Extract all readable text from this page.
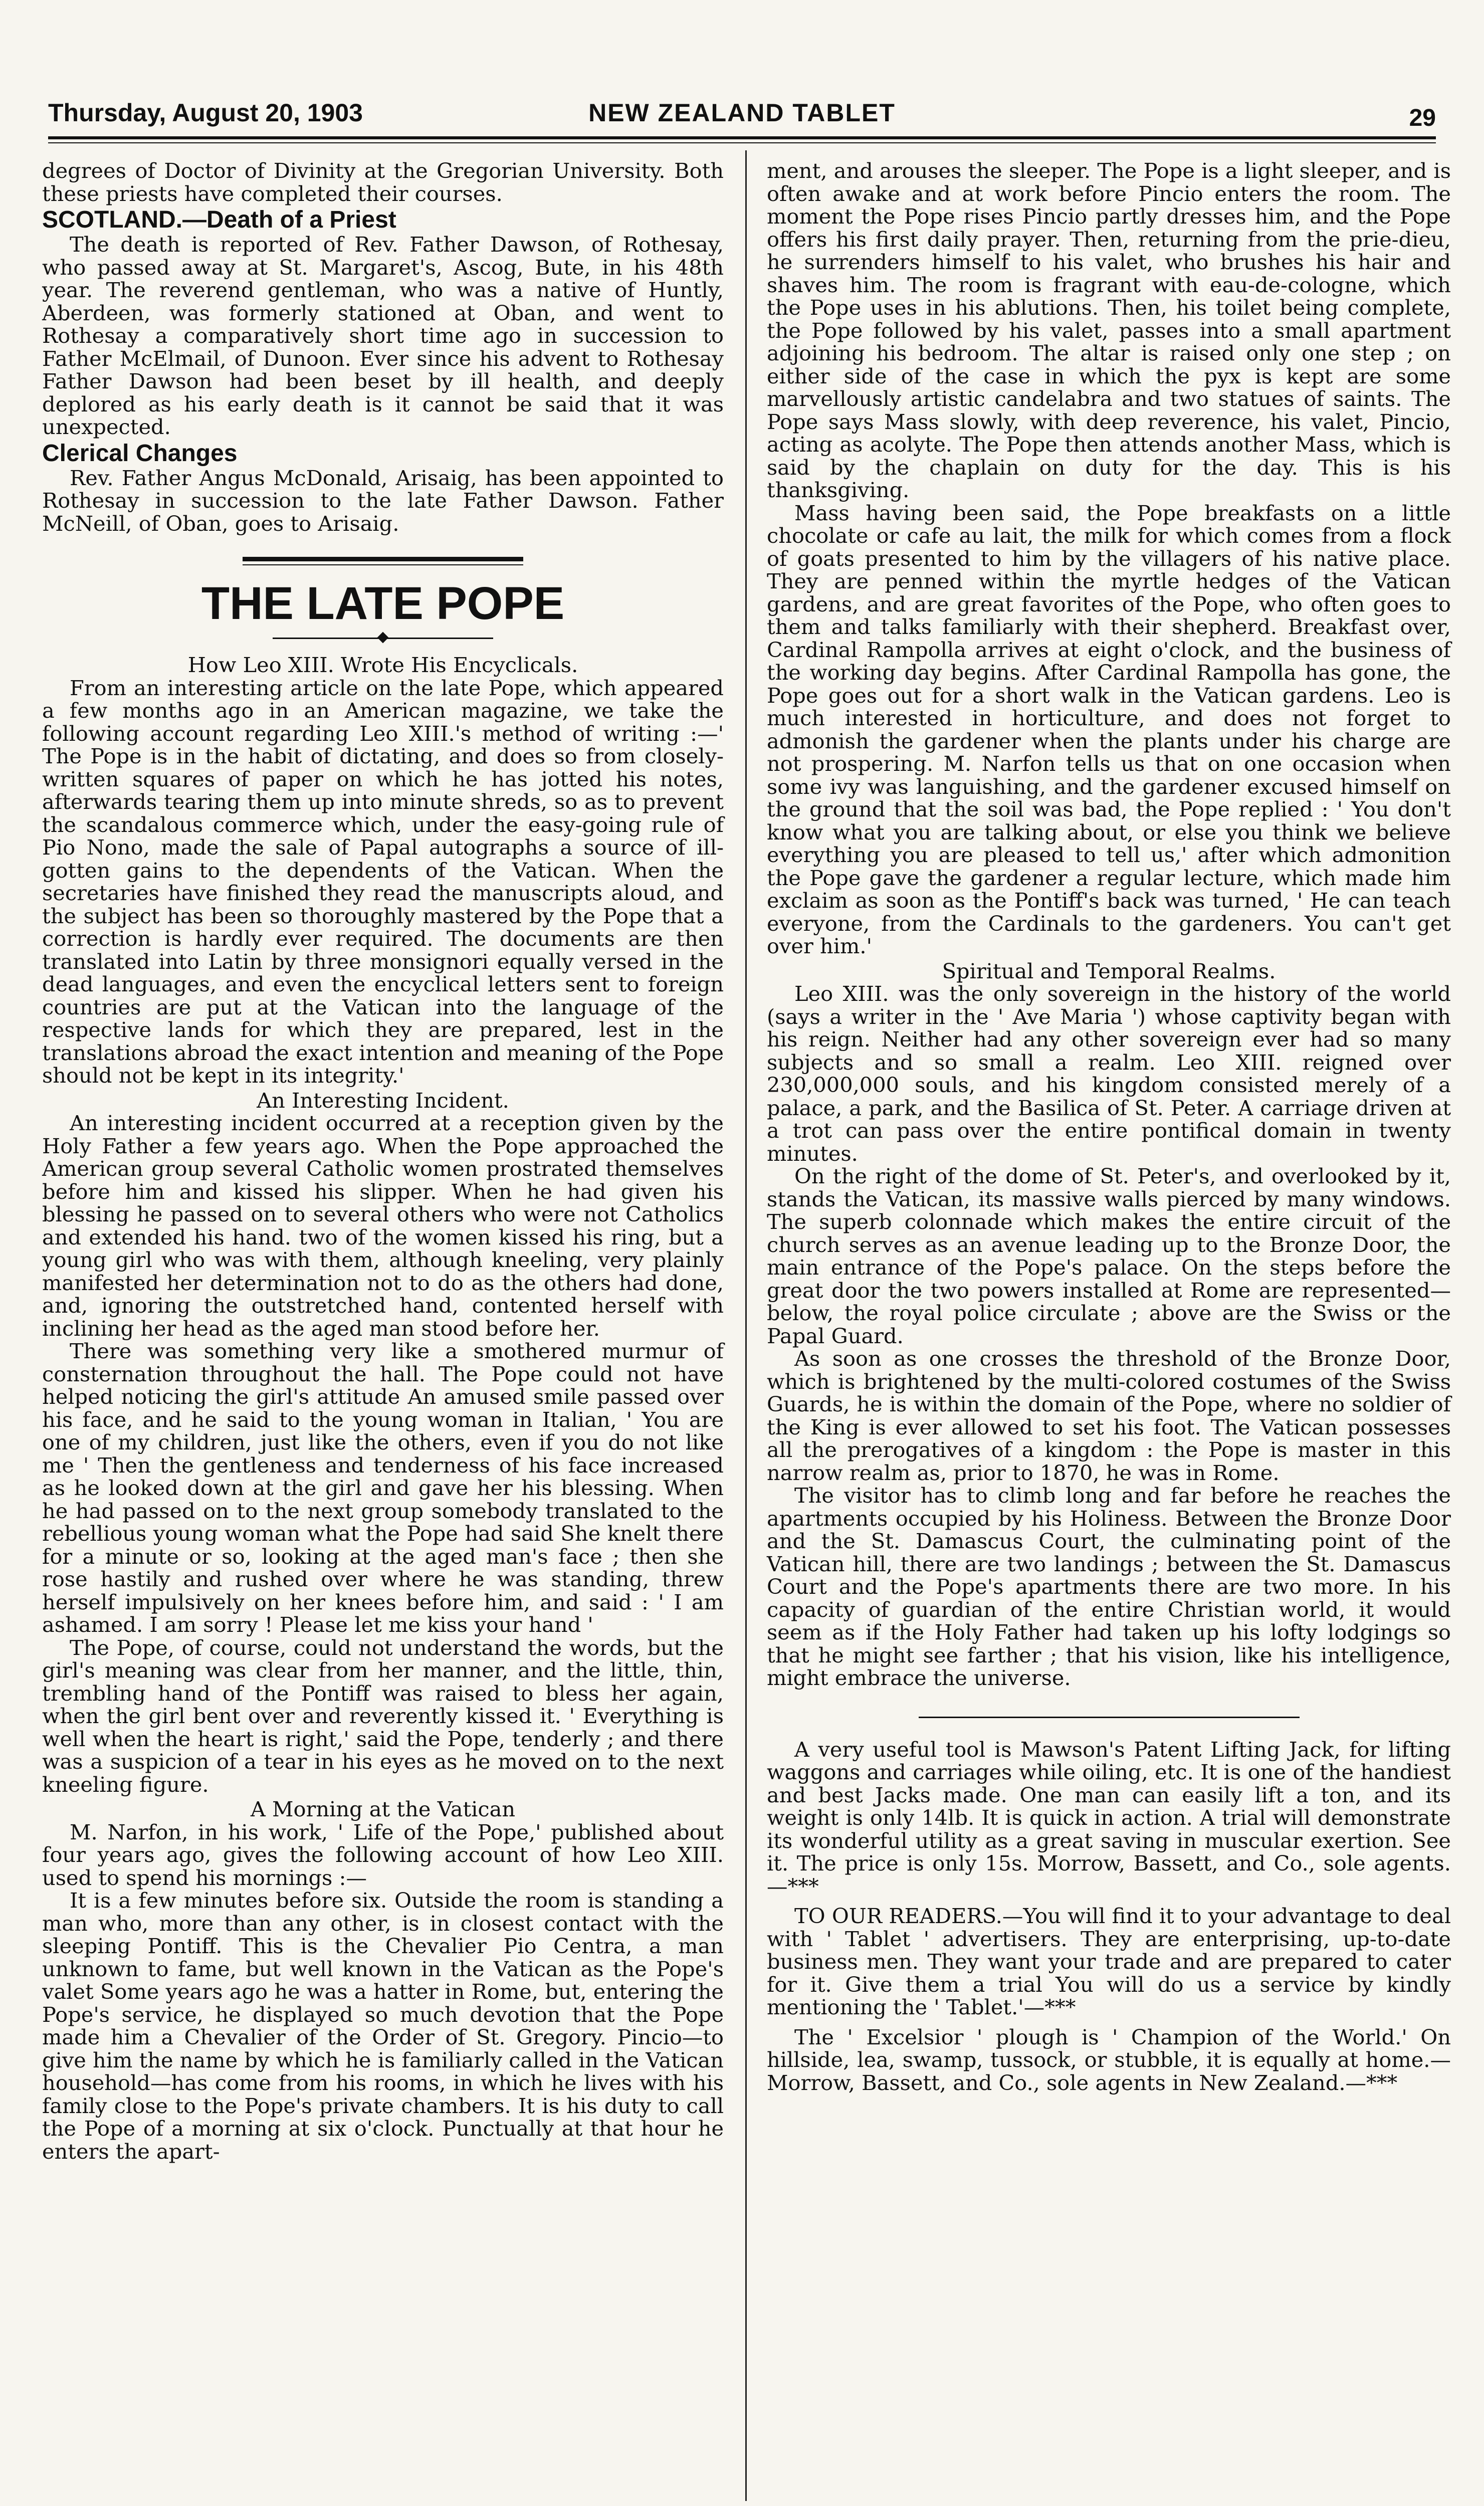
Thursday, August 20, 1903	NEW ZEALAND TABLET	29

degrees of Doctor of Divinity at the Gregorian University. Both these priests have completed their courses.

SCOTLAND.—Death of a Priest

The death is reported of Rev. Father Dawson, of Rothesay, who passed away at St. Margaret's, Ascog, Bute, in his 48th year. The reverend gentleman, who was a native of Huntly, Aberdeen, was formerly stationed at Oban, and went to Rothesay a comparatively short time ago in succession to Father McElmail, of Dunoon. Ever since his advent to Rothesay Father Dawson had been beset by ill health, and deeply deplored as his early death is it cannot be said that it was unexpected.

Clerical Changes

Rev. Father Angus McDonald, Arisaig, has been appointed to Rothesay in succession to the late Father Dawson. Father McNeill, of Oban, goes to Arisaig.

THE LATE POPE

How Leo XIII. Wrote His Encyclicals.

From an interesting article on the late Pope, which appeared a few months ago in an American magazine, we take the following account regarding Leo XIII.'s method of writing :—' The Pope is in the habit of dictating, and does so from closely-written squares of paper on which he has jotted his notes, afterwards tearing them up into minute shreds, so as to prevent the scandalous commerce which, under the easy-going rule of Pio Nono, made the sale of Papal autographs a source of ill-gotten gains to the dependents of the Vatican. When the secretaries have finished they read the manuscripts aloud, and the subject has been so thoroughly mastered by the Pope that a correction is hardly ever required. The documents are then translated into Latin by three monsignori equally versed in the dead languages, and even the encyclical letters sent to foreign countries are put at the Vatican into the language of the respective lands for which they are prepared, lest in the translations abroad the exact intention and meaning of the Pope should not be kept in its integrity.'

An Interesting Incident.

An interesting incident occurred at a reception given by the Holy Father a few years ago. When the Pope approached the American group several Catholic women prostrated themselves before him and kissed his slipper. When he had given his blessing he passed on to several others who were not Catholics and extended his hand. two of the women kissed his ring, but a young girl who was with them, although kneeling, very plainly manifested her determination not to do as the others had done, and, ignoring the outstretched hand, contented herself with inclining her head as the aged man stood before her.

There was something very like a smothered murmur of consternation throughout the hall. The Pope could not have helped noticing the girl's attitude An amused smile passed over his face, and he said to the young woman in Italian, ' You are one of my children, just like the others, even if you do not like me ' Then the gentleness and tenderness of his face increased as he looked down at the girl and gave her his blessing. When he had passed on to the next group somebody translated to the rebellious young woman what the Pope had said She knelt there for a minute or so, looking at the aged man's face ; then she rose hastily and rushed over where he was standing, threw herself impulsively on her knees before him, and said : ' I am ashamed. I am sorry ! Please let me kiss your hand '

The Pope, of course, could not understand the words, but the girl's meaning was clear from her manner, and the little, thin, trembling hand of the Pontiff was raised to bless her again, when the girl bent over and reverently kissed it. ' Everything is well when the heart is right,' said the Pope, tenderly ; and there was a suspicion of a tear in his eyes as he moved on to the next kneeling figure.

A Morning at the Vatican

M. Narfon, in his work, ' Life of the Pope,' published about four years ago, gives the following account of how Leo XIII. used to spend his mornings :—

It is a few minutes before six. Outside the room is standing a man who, more than any other, is in closest contact with the sleeping Pontiff. This is the Chevalier Pio Centra, a man unknown to fame, but well known in the Vatican as the Pope's valet Some years ago he was a hatter in Rome, but, entering the Pope's service, he displayed so much devotion that the Pope made him a Chevalier of the Order of St. Gregory. Pincio—to give him the name by which he is familiarly called in the Vatican household—has come from his rooms, in which he lives with his family close to the Pope's private chambers. It is his duty to call the Pope of a morning at six o'clock. Punctually at that hour he enters the apart-

ment, and arouses the sleeper. The Pope is a light sleeper, and is often awake and at work before Pincio enters the room. The moment the Pope rises Pincio partly dresses him, and the Pope offers his first daily prayer. Then, returning from the prie-dieu, he surrenders himself to his valet, who brushes his hair and shaves him. The room is fragrant with eau-de-cologne, which the Pope uses in his ablutions. Then, his toilet being complete, the Pope followed by his valet, passes into a small apartment adjoining his bedroom. The altar is raised only one step ; on either side of the case in which the pyx is kept are some marvellously artistic candelabra and two statues of saints. The Pope says Mass slowly, with deep reverence, his valet, Pincio, acting as acolyte. The Pope then attends another Mass, which is said by the chaplain on duty for the day. This is his thanksgiving.

Mass having been said, the Pope breakfasts on a little chocolate or cafe au lait, the milk for which comes from a flock of goats presented to him by the villagers of his native place. They are penned within the myrtle hedges of the Vatican gardens, and are great favorites of the Pope, who often goes to them and talks familiarly with their shepherd. Breakfast over, Cardinal Rampolla arrives at eight o'clock, and the business of the working day begins. After Cardinal Rampolla has gone, the Pope goes out for a short walk in the Vatican gardens. Leo is much interested in horticulture, and does not forget to admonish the gardener when the plants under his charge are not prospering. M. Narfon tells us that on one occasion when some ivy was languishing, and the gardener excused himself on the ground that the soil was bad, the Pope replied : ' You don't know what you are talking about, or else you think we believe everything you are pleased to tell us,' after which admonition the Pope gave the gardener a regular lecture, which made him exclaim as soon as the Pontiff's back was turned, ' He can teach everyone, from the Cardinals to the gardeners. You can't get over him.'

Spiritual and Temporal Realms.

Leo XIII. was the only sovereign in the history of the world (says a writer in the ' Ave Maria ') whose captivity began with his reign. Neither had any other sovereign ever had so many subjects and so small a realm. Leo XIII. reigned over 230,000,000 souls, and his kingdom consisted merely of a palace, a park, and the Basilica of St. Peter. A carriage driven at a trot can pass over the entire pontifical domain in twenty minutes.

On the right of the dome of St. Peter's, and overlooked by it, stands the Vatican, its massive walls pierced by many windows. The superb colonnade which makes the entire circuit of the church serves as an avenue leading up to the Bronze Door, the main entrance of the Pope's palace. On the steps before the great door the two powers installed at Rome are represented—below, the royal police circulate ; above are the Swiss or the Papal Guard.

As soon as one crosses the threshold of the Bronze Door, which is brightened by the multi-colored costumes of the Swiss Guards, he is within the domain of the Pope, where no soldier of the King is ever allowed to set his foot. The Vatican possesses all the prerogatives of a kingdom : the Pope is master in this narrow realm as, prior to 1870, he was in Rome.

The visitor has to climb long and far before he reaches the apartments occupied by his Holiness. Between the Bronze Door and the St. Damascus Court, the culminating point of the Vatican hill, there are two landings ; between the St. Damascus Court and the Pope's apartments there are two more. In his capacity of guardian of the entire Christian world, it would seem as if the Holy Father had taken up his lofty lodgings so that he might see farther ; that his vision, like his intelligence, might embrace the universe.

A very useful tool is Mawson's Patent Lifting Jack, for lifting waggons and carriages while oiling, etc. It is one of the handiest and best Jacks made. One man can easily lift a ton, and its weight is only 14lb. It is quick in action. A trial will demonstrate its wonderful utility as a great saving in muscular exertion. See it. The price is only 15s. Morrow, Bassett, and Co., sole agents.—***

TO OUR READERS.—You will find it to your advantage to deal with ' Tablet ' advertisers. They are enterprising, up-to-date business men. They want your trade and are prepared to cater for it. Give them a trial You will do us a service by kindly mentioning the ' Tablet.'—***

The ' Excelsior ' plough is ' Champion of the World.' On hillside, lea, swamp, tussock, or stubble, it is equally at home.—Morrow, Bassett, and Co., sole agents in New Zealand.—***
